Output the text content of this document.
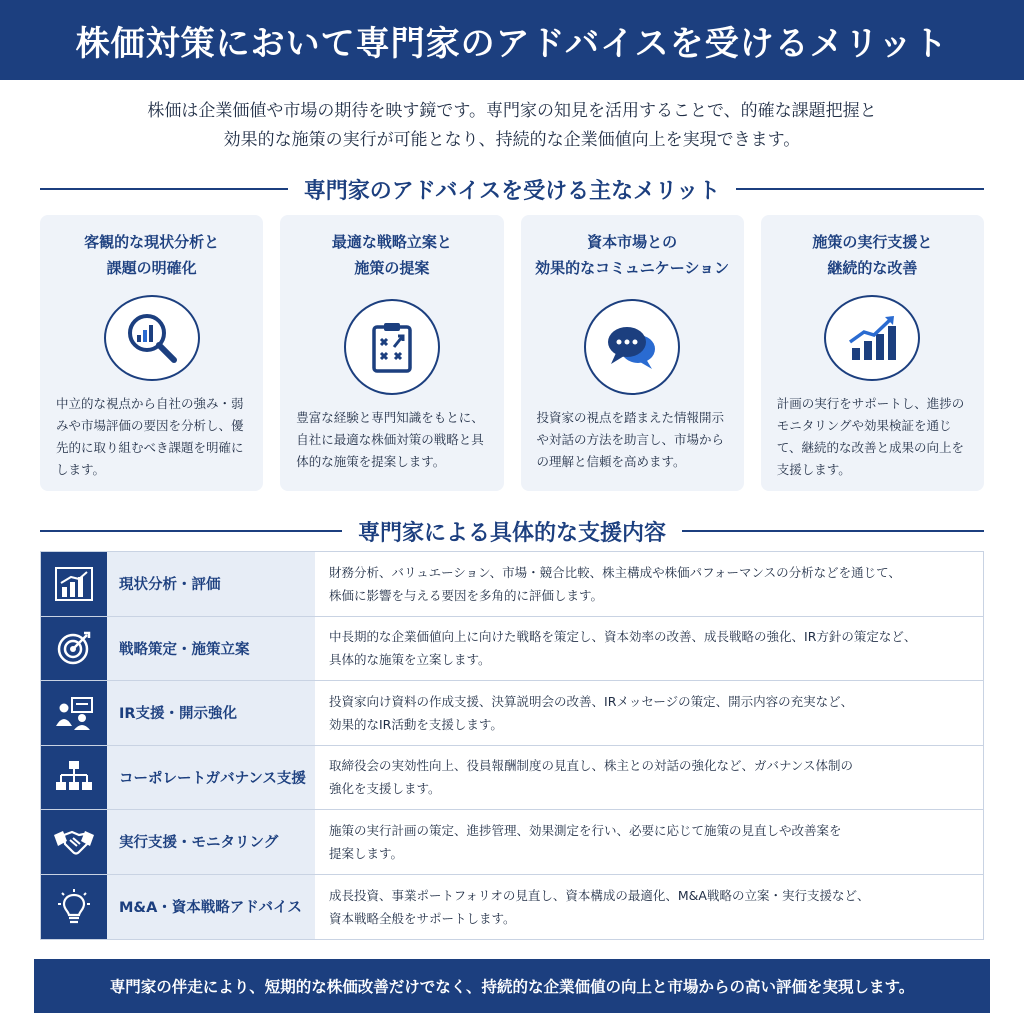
株価対策において専門家のアドバイスを受けるメリット
株価は企業価値や市場の期待を映す鏡です。専門家の知見を活用することで、的確な課題把握と
効果的な施策の実行が可能となり、持続的な企業価値向上を実現できます。
専門家のアドバイスを受ける主なメリット
客観的な現状分析と
課題の明確化
中立的な視点から自社の強み・弱みや市場評価の要因を分析し、優先的に取り組むべき課題を明確にします。
最適な戦略立案と
施策の提案
豊富な経験と専門知識をもとに、自社に最適な株価対策の戦略と具体的な施策を提案します。
資本市場との
効果的なコミュニケーション
投資家の視点を踏まえた情報開示や対話の方法を助言し、市場からの理解と信頼を高めます。
施策の実行支援と
継続的な改善
計画の実行をサポートし、進捗のモニタリングや効果検証を通じて、継続的な改善と成果の向上を支援します。
専門家による具体的な支援内容
現状分析・評価
財務分析、バリュエーション、市場・競合比較、株主構成や株価パフォーマンスの分析などを通じて、
株価に影響を与える要因を多角的に評価します。
戦略策定・施策立案
中長期的な企業価値向上に向けた戦略を策定し、資本効率の改善、成長戦略の強化、IR方針の策定など、
具体的な施策を立案します。
IR支援・開示強化
投資家向け資料の作成支援、決算説明会の改善、IRメッセージの策定、開示内容の充実など、
効果的なIR活動を支援します。
コーポレートガバナンス支援
取締役会の実効性向上、役員報酬制度の見直し、株主との対話の強化など、ガバナンス体制の
強化を支援します。
実行支援・モニタリング
施策の実行計画の策定、進捗管理、効果測定を行い、必要に応じて施策の見直しや改善案を
提案します。
M&A・資本戦略アドバイス
成長投資、事業ポートフォリオの見直し、資本構成の最適化、M&A戦略の立案・実行支援など、
資本戦略全般をサポートします。

専門家の伴走により、短期的な株価改善だけでなく、持続的な企業価値の向上と市場からの高い評価を実現します。
